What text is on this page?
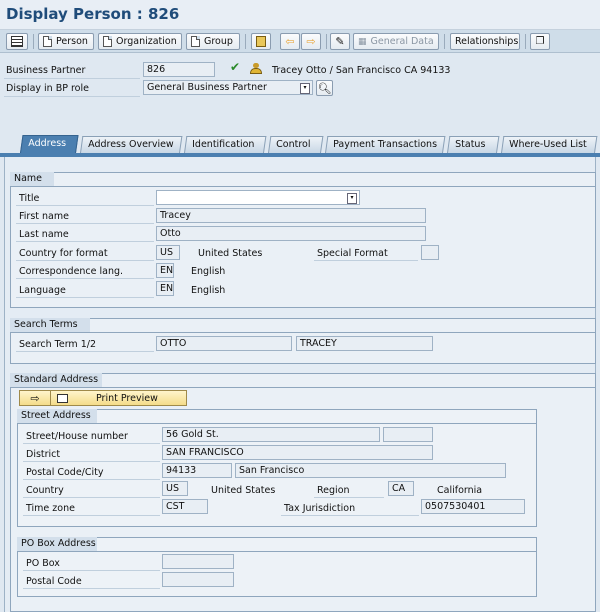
Display Person : 826
Person	Organization	Group	⇦ ⇨ ✎ ▦ General Data Relationships ❐
Business Partner	826	✔	Tracey Otto / San Francisco CA 94133
Display in BP role	General Business Partner	▾	🔍︎
Address	Address Overview	Identification	Control	Payment Transactions	Status	Where-Used List
Name
Title	▾
First name	Tracey
Last name	Otto
Country for format	US	United States	Special Format
Correspondence lang.	EN English
Language	EN English
Search Terms
Search Term 1/2	OTTO	TRACEY
Standard Address
⇨	Print Preview
Street Address
Street/House number	56 Gold St.
District	SAN FRANCISCO
Postal Code/City	94133	San Francisco
Country	US	United States	Region	CA	California
Time zone	CST	Tax Jurisdiction	0507530401
PO Box Address
PO Box
Postal Code
